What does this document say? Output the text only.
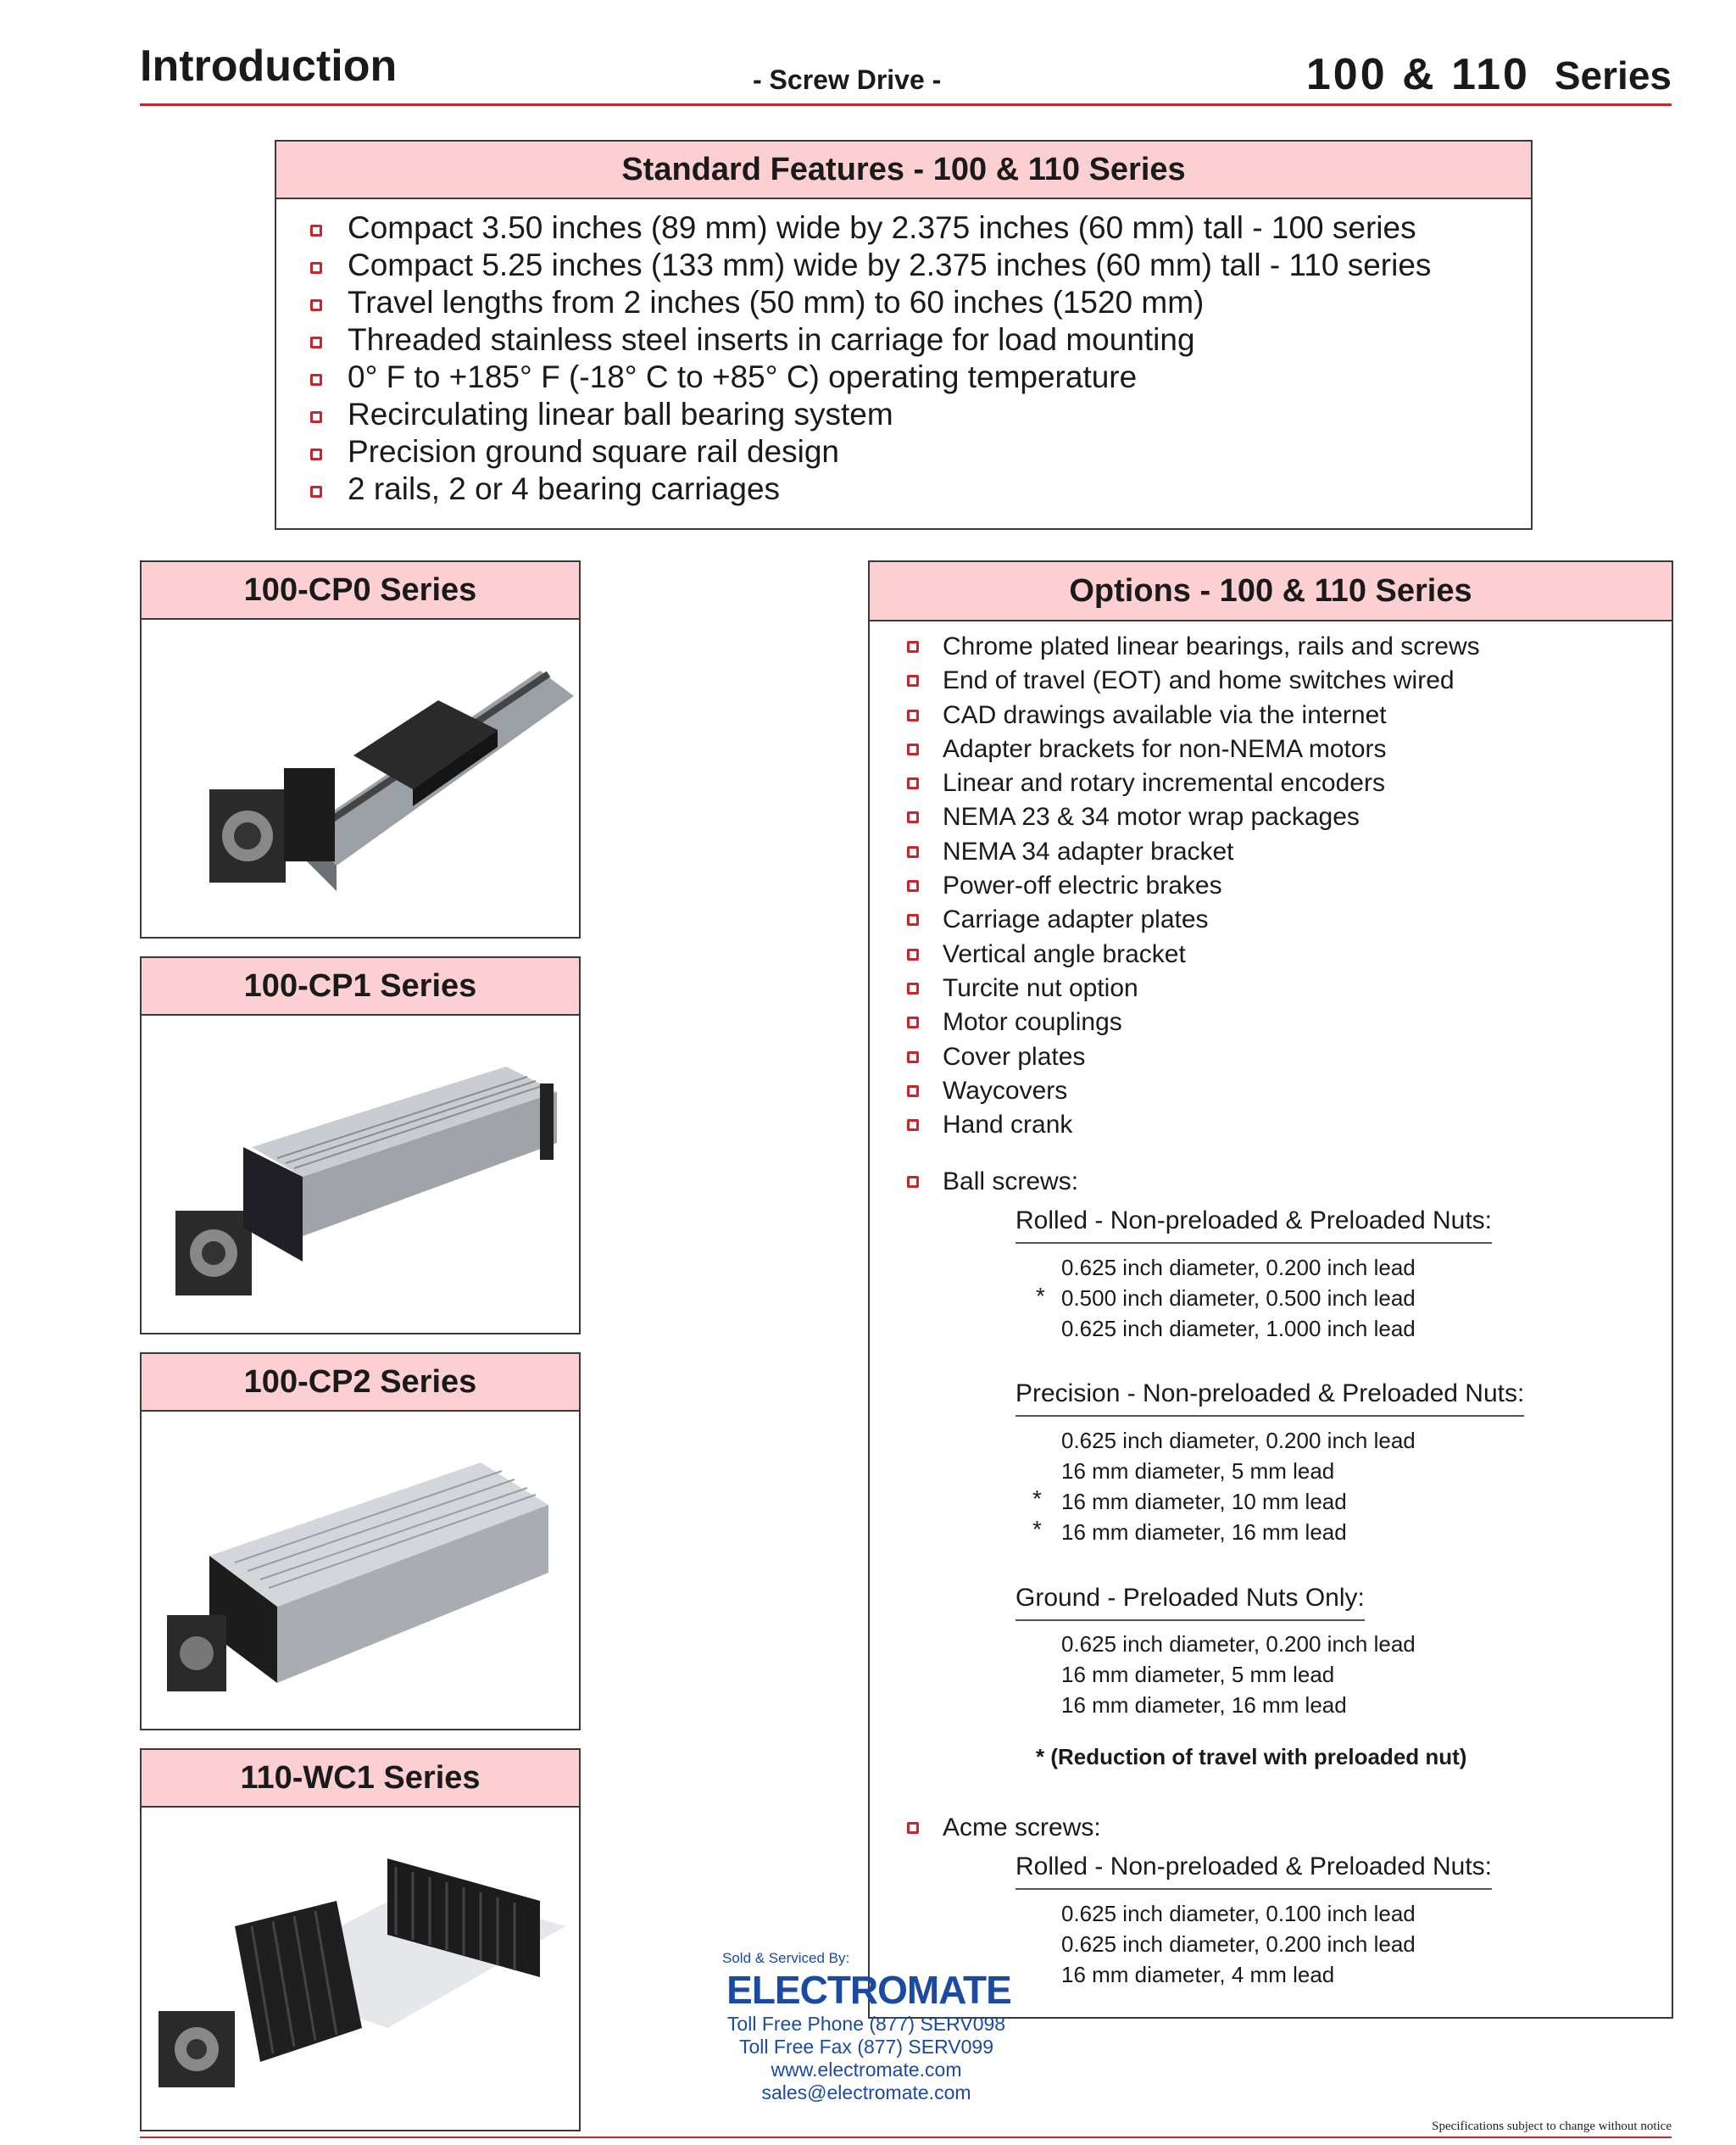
Introduction	- Screw Drive -	100 & 110 Series
Standard Features - 100 & 110 Series
Compact 3.50 inches (89 mm) wide by 2.375 inches (60 mm) tall - 100 series
Compact 5.25 inches (133 mm) wide by 2.375 inches (60 mm) tall - 110 series
Travel lengths from 2 inches (50 mm) to 60 inches (1520 mm)
Threaded stainless steel inserts in carriage for load mounting
0° F to +185° F (-18° C to +85° C) operating temperature
Recirculating linear ball bearing system
Precision ground square rail design
2 rails, 2 or 4 bearing carriages
100-CP0 Series
100-CP1 Series
100-CP2 Series
110-WC1 Series
Options - 100 & 110 Series
Chrome plated linear bearings, rails and screws
End of travel (EOT) and home switches wired
CAD drawings available via the internet
Adapter brackets for non-NEMA motors
Linear and rotary incremental encoders
NEMA 23 & 34 motor wrap packages
NEMA 34 adapter bracket
Power-off electric brakes
Carriage adapter plates
Vertical angle bracket
Turcite nut option
Motor couplings
Cover plates
Waycovers
Hand crank
Ball screws:
Rolled - Non-preloaded & Preloaded Nuts:
0.625 inch diameter, 0.200 inch lead
* 0.500 inch diameter, 0.500 inch lead
0.625 inch diameter, 1.000 inch lead
Precision - Non-preloaded & Preloaded Nuts:
0.625 inch diameter, 0.200 inch lead
16 mm diameter, 5 mm lead
* 16 mm diameter, 10 mm lead
* 16 mm diameter, 16 mm lead
Ground - Preloaded Nuts Only:
0.625 inch diameter, 0.200 inch lead
16 mm diameter, 5 mm lead
16 mm diameter, 16 mm lead
* (Reduction of travel with preloaded nut)
Acme screws:
Rolled - Non-preloaded & Preloaded Nuts:
0.625 inch diameter, 0.100 inch lead
0.625 inch diameter, 0.200 inch lead
16 mm diameter, 4 mm lead
Sold & Serviced By:
ELECTROMATE
Toll Free Phone (877) SERV098
Toll Free Fax (877) SERV099
www.electromate.com
sales@electromate.com
Specifications subject to change without notice
